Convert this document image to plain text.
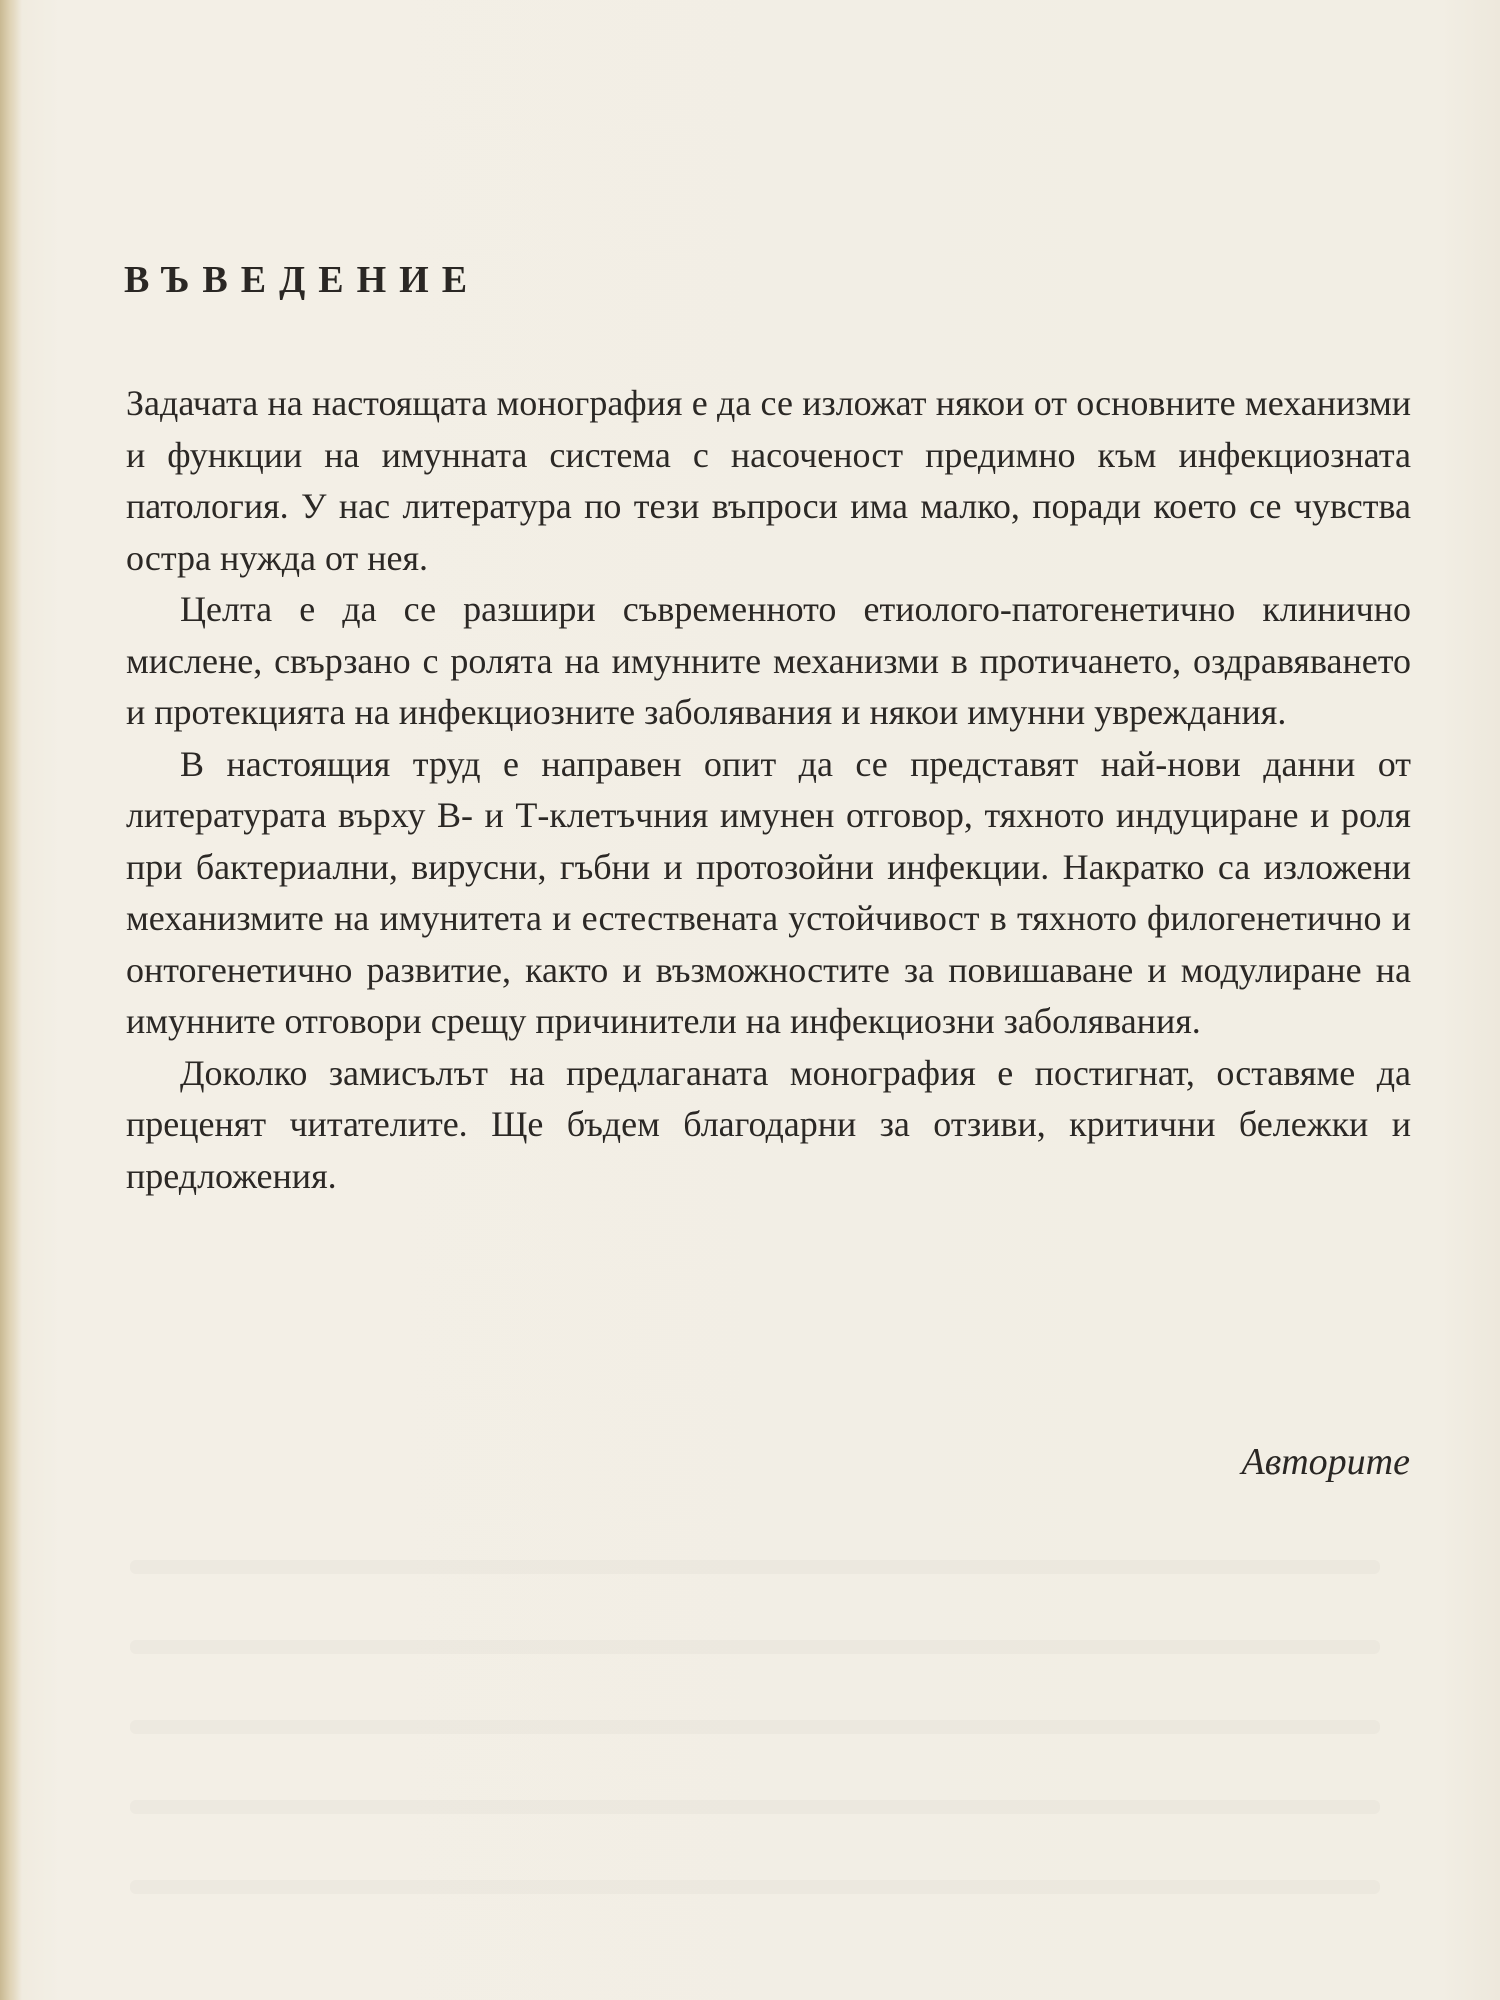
ВЪВЕДЕНИЕ

Задачата на настоящата монография е да се изложат някои от основните механизми и функции на имунната система с насоченост предимно към инфекциозната патология. У нас литература по тези въпроси има малко, поради което се чувства остра нужда от нея.

Целта е да се разшири съвременното етиолого-патогенетично клинично мислене, свързано с ролята на имунните механизми в протичането, оздравяването и протекцията на инфекциозните заболявания и някои имунни увреждания.

В настоящия труд е направен опит да се представят най-нови данни от литературата върху В- и Т-клетъчния имунен отговор, тяхното индуциране и роля при бактериални, вирусни, гъбни и протозойни инфекции. Накратко са изложени механизмите на имунитета и естествената устойчивост в тяхното филогенетично и онтогенетично развитие, както и възможностите за повишаване и модулиране на имунните отговори срещу причинители на инфекциозни заболявания.

Доколко замисълът на предлаганата монография е постигнат, оставяме да преценят читателите. Ще бъдем благодарни за отзиви, критични бележки и предложения.

Авторите
